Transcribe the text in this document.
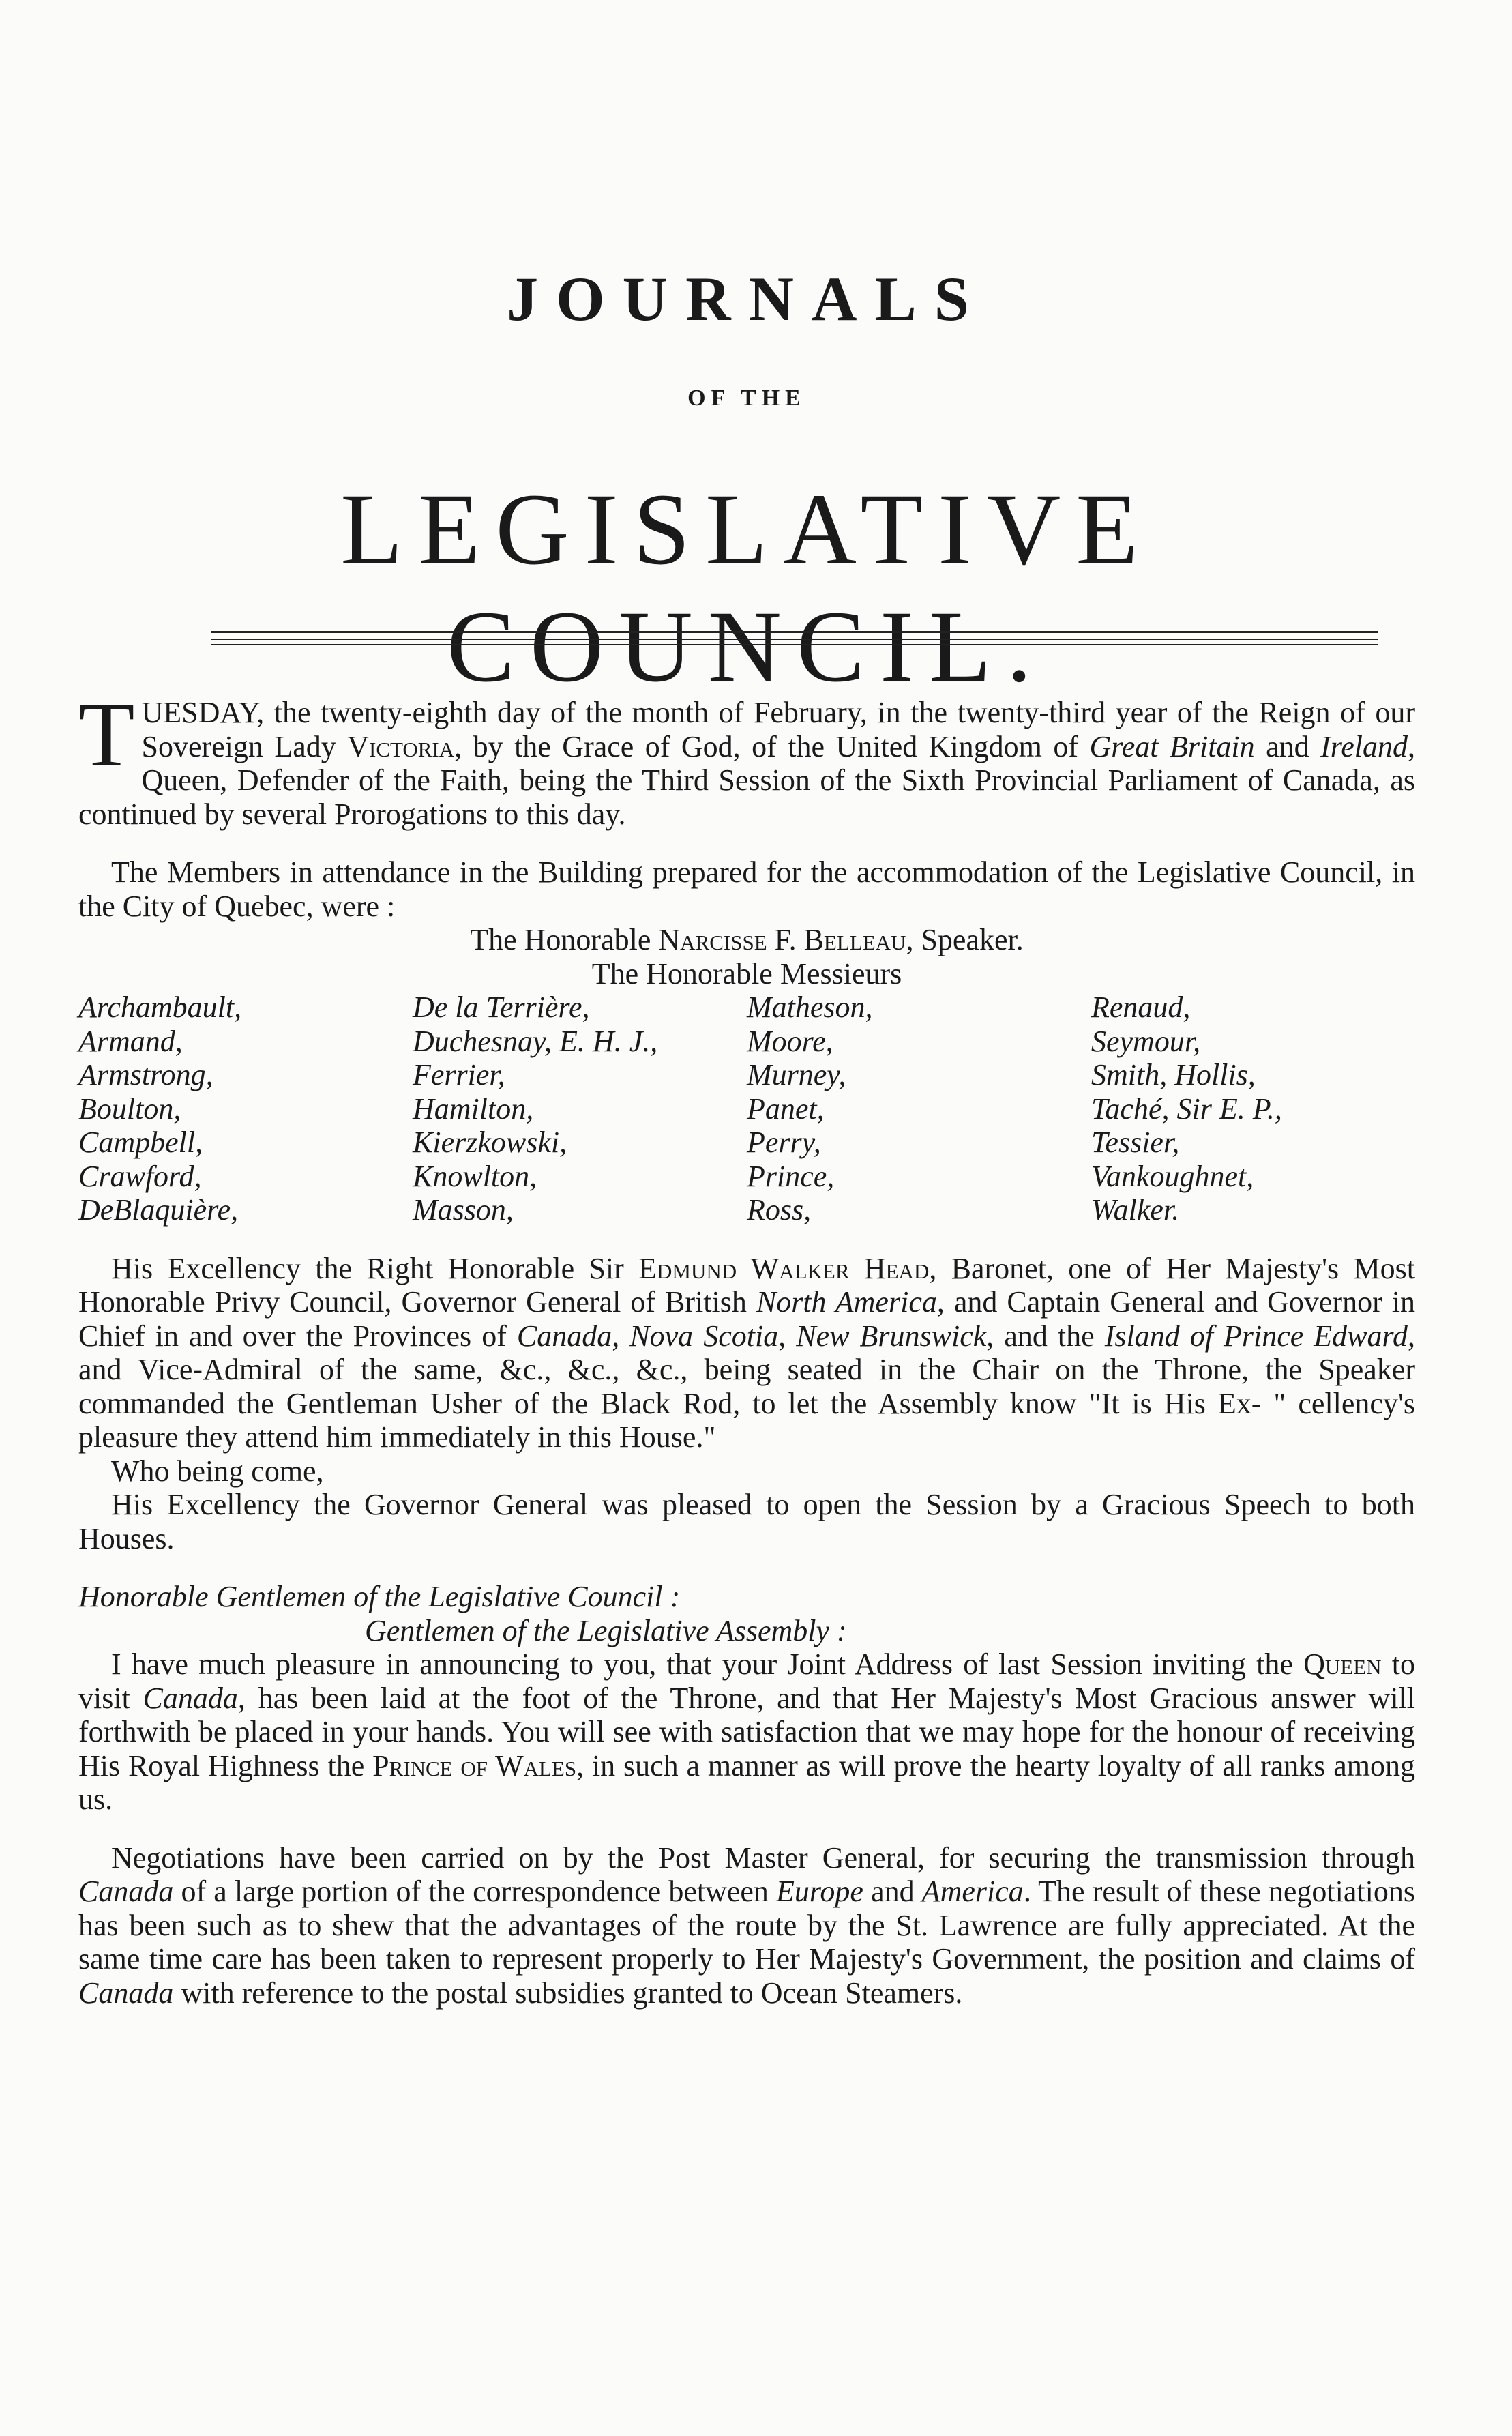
JOURNALS
OF THE
LEGISLATIVE COUNCIL.

TUESDAY, the twenty-eighth day of the month of February, in the twenty-third year of the Reign of our Sovereign Lady Victoria, by the Grace of God, of the United Kingdom of Great Britain and Ireland, Queen, Defender of the Faith, being the Third Session of the Sixth Provincial Parliament of Canada, as continued by several Prorogations to this day.

The Members in attendance in the Building prepared for the accommodation of the Legislative Council, in the City of Quebec, were :

The Honorable Narcisse F. Belleau, Speaker.

The Honorable Messieurs

Archambault,
Armand,
Armstrong,
Boulton,
Campbell,
Crawford,
DeBlaquière,
De la Terrière,
Duchesnay, E. H. J.,
Ferrier,
Hamilton,
Kierzkowski,
Knowlton,
Masson,
Matheson,
Moore,
Murney,
Panet,
Perry,
Prince,
Ross,
Renaud,
Seymour,
Smith, Hollis,
Taché, Sir E. P.,
Tessier,
Vankoughnet,
Walker.

His Excellency the Right Honorable Sir Edmund Walker Head, Baronet, one of Her Majesty's Most Honorable Privy Council, Governor General of British North America, and Captain General and Governor in Chief in and over the Provinces of Canada, Nova Scotia, New Brunswick, and the Island of Prince Edward, and Vice-Admiral of the same, &c., &c., &c., being seated in the Chair on the Throne, the Speaker commanded the Gentleman Usher of the Black Rod, to let the Assembly know "It is His Ex- " cellency's pleasure they attend him immediately in this House."

Who being come,

His Excellency the Governor General was pleased to open the Session by a Gracious Speech to both Houses.

Honorable Gentlemen of the Legislative Council :

Gentlemen of the Legislative Assembly :

I have much pleasure in announcing to you, that your Joint Address of last Session inviting the Queen to visit Canada, has been laid at the foot of the Throne, and that Her Majesty's Most Gracious answer will forthwith be placed in your hands. You will see with satisfaction that we may hope for the honour of receiving His Royal Highness the Prince of Wales, in such a manner as will prove the hearty loyalty of all ranks among us.

Negotiations have been carried on by the Post Master General, for securing the transmission through Canada of a large portion of the correspondence between Europe and America. The result of these negotiations has been such as to shew that the advantages of the route by the St. Lawrence are fully appreciated. At the same time care has been taken to represent properly to Her Majesty's Government, the position and claims of Canada with reference to the postal subsidies granted to Ocean Steamers.
